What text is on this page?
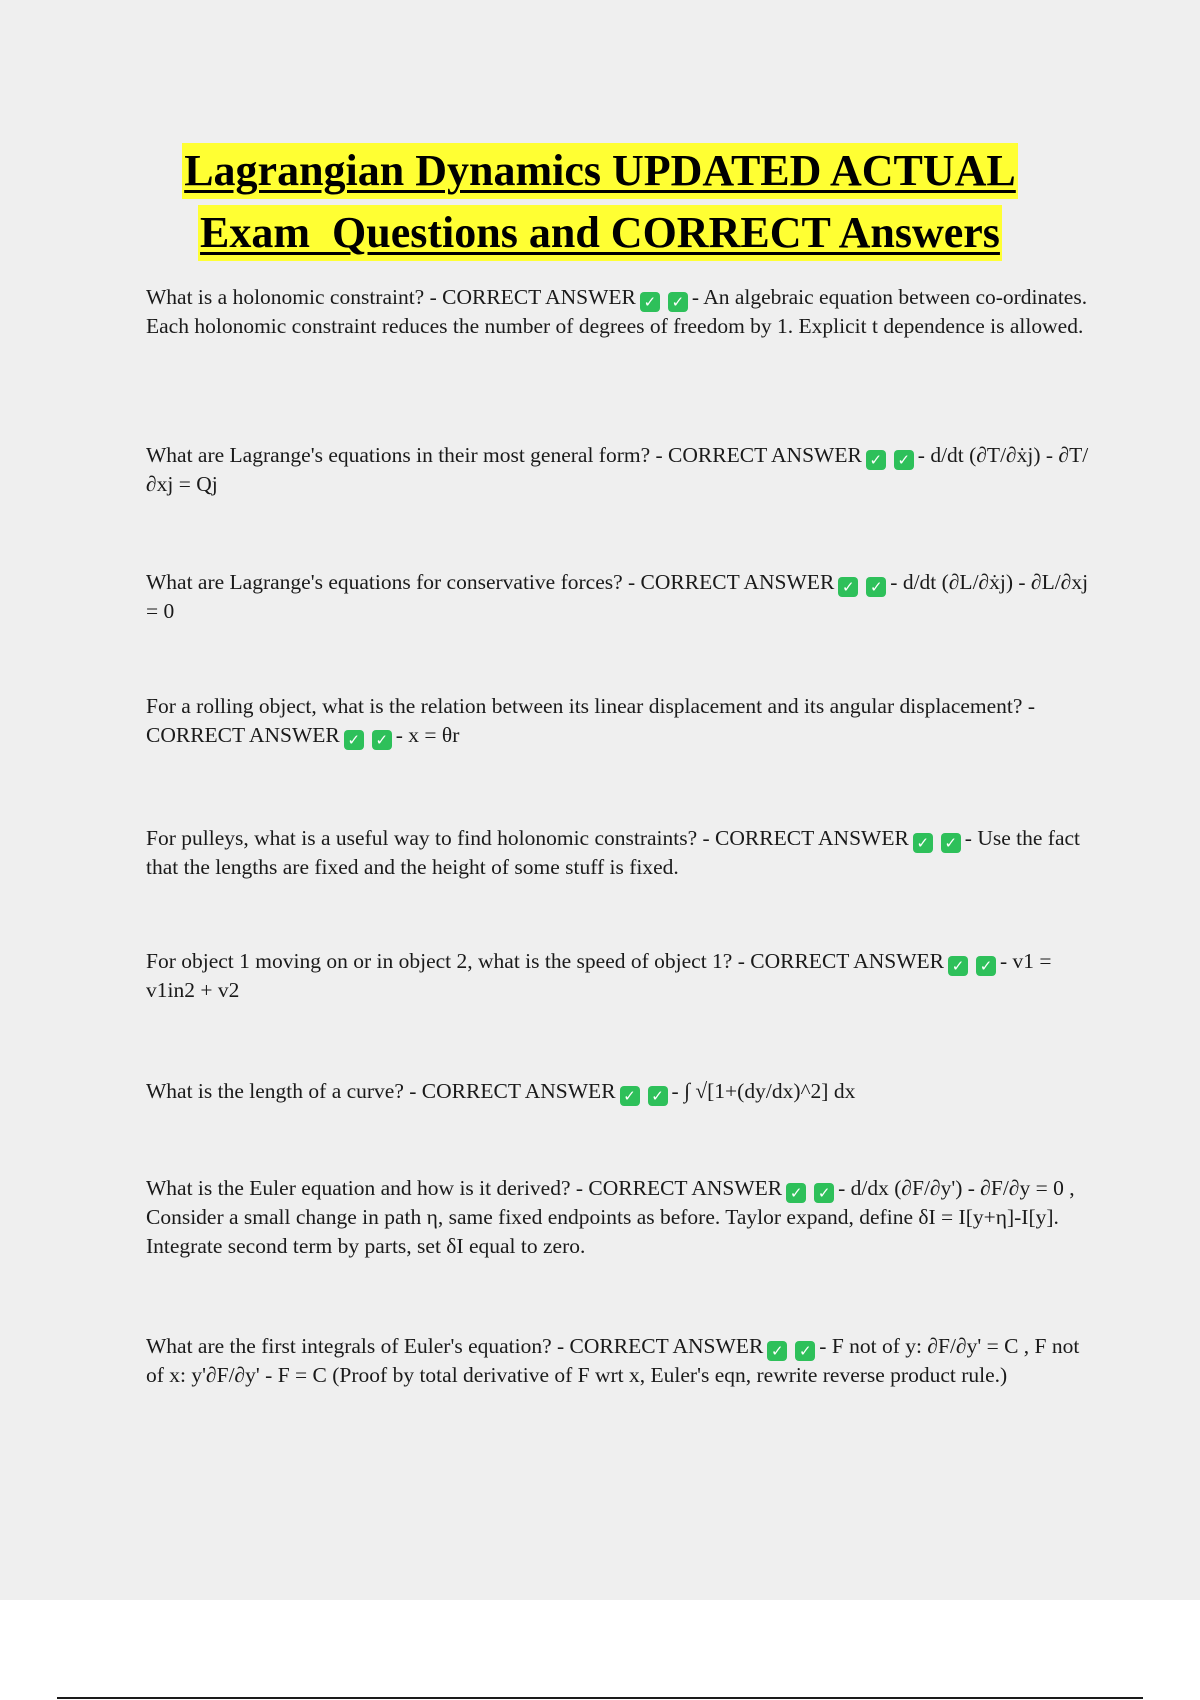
Lagrangian Dynamics UPDATED ACTUAL
Exam  Questions and CORRECT Answers

What is a holonomic constraint? - CORRECT ANSWER ✓ ✓ - An algebraic equation between co-ordinates. Each holonomic constraint reduces the number of degrees of freedom by 1. Explicit t dependence is allowed.

What are Lagrange's equations in their most general form? - CORRECT ANSWER ✓ ✓ - d/dt (∂T/∂ẋj) - ∂T/∂xj = Qj

What are Lagrange's equations for conservative forces? - CORRECT ANSWER ✓ ✓ - d/dt (∂L/∂ẋj) - ∂L/∂xj = 0

For a rolling object, what is the relation between its linear displacement and its angular displacement? - CORRECT ANSWER ✓ ✓ - x = θr

For pulleys, what is a useful way to find holonomic constraints? - CORRECT ANSWER ✓ ✓ - Use the fact that the lengths are fixed and the height of some stuff is fixed.

For object 1 moving on or in object 2, what is the speed of object 1? - CORRECT ANSWER ✓ ✓ - v1 = v1in2 + v2

What is the length of a curve? - CORRECT ANSWER ✓ ✓ - ∫ √[1+(dy/dx)^2] dx

What is the Euler equation and how is it derived? - CORRECT ANSWER ✓ ✓ - d/dx (∂F/∂y') - ∂F/∂y = 0 , Consider a small change in path η, same fixed endpoints as before. Taylor expand, define δI = I[y+η]-I[y]. Integrate second term by parts, set δI equal to zero.

What are the first integrals of Euler's equation? - CORRECT ANSWER ✓ ✓ - F not of y: ∂F/∂y' = C , F not of x: y'∂F/∂y' - F = C (Proof by total derivative of F wrt x, Euler's eqn, rewrite reverse product rule.)
